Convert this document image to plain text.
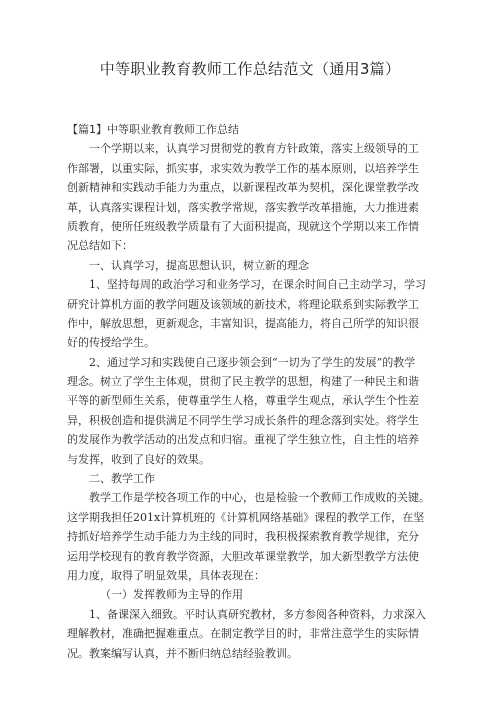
中等职业教育教师工作总结范文（通用3篇）
【篇1】中等职业教育教师工作总结
一个学期以来，认真学习贯彻党的教育方针政策，落实上级领导的工
作部署，以重实际，抓实事，求实效为教学工作的基本原则，以培养学生
创新精神和实践动手能力为重点，以新课程改革为契机，深化课堂教学改
革，认真落实课程计划，落实教学常规，落实教学改革措施，大力推进素
质教育，使所任班级教学质量有了大面积提高，现就这个学期以来工作情
况总结如下：
一、认真学习，提高思想认识，树立新的理念
1、坚持每周的政治学习和业务学习，在课余时间自己主动学习，学习
研究计算机方面的教学问题及该领域的新技术，将理论联系到实际教学工
作中，解放思想，更新观念，丰富知识，提高能力，将自己所学的知识很
好的传授给学生。
2、通过学习和实践使自己逐步领会到“一切为了学生的发展”的教学
理念。树立了学生主体观，贯彻了民主教学的思想，构建了一种民主和谐
平等的新型师生关系，使尊重学生人格，尊重学生观点，承认学生个性差
异，积极创造和提供满足不同学生学习成长条件的理念落到实处。将学生
的发展作为教学活动的出发点和归宿。重视了学生独立性，自主性的培养
与发挥，收到了良好的效果。
二、教学工作
教学工作是学校各项工作的中心，也是检验一个教师工作成败的关键。
这学期我担任201x计算机班的《计算机网络基础》课程的教学工作，在坚
持抓好培养学生动手能力为主线的同时，我积极探索教育教学规律，充分
运用学校现有的教育教学资源，大胆改革课堂教学，加大新型教学方法使
用力度，取得了明显效果，具体表现在：
（一）发挥教师为主导的作用
1、备课深入细致。平时认真研究教材，多方参阅各种资料，力求深入
理解教材，准确把握难重点。在制定教学目的时，非常注意学生的实际情
况。教案编写认真，并不断归纳总结经验教训。
